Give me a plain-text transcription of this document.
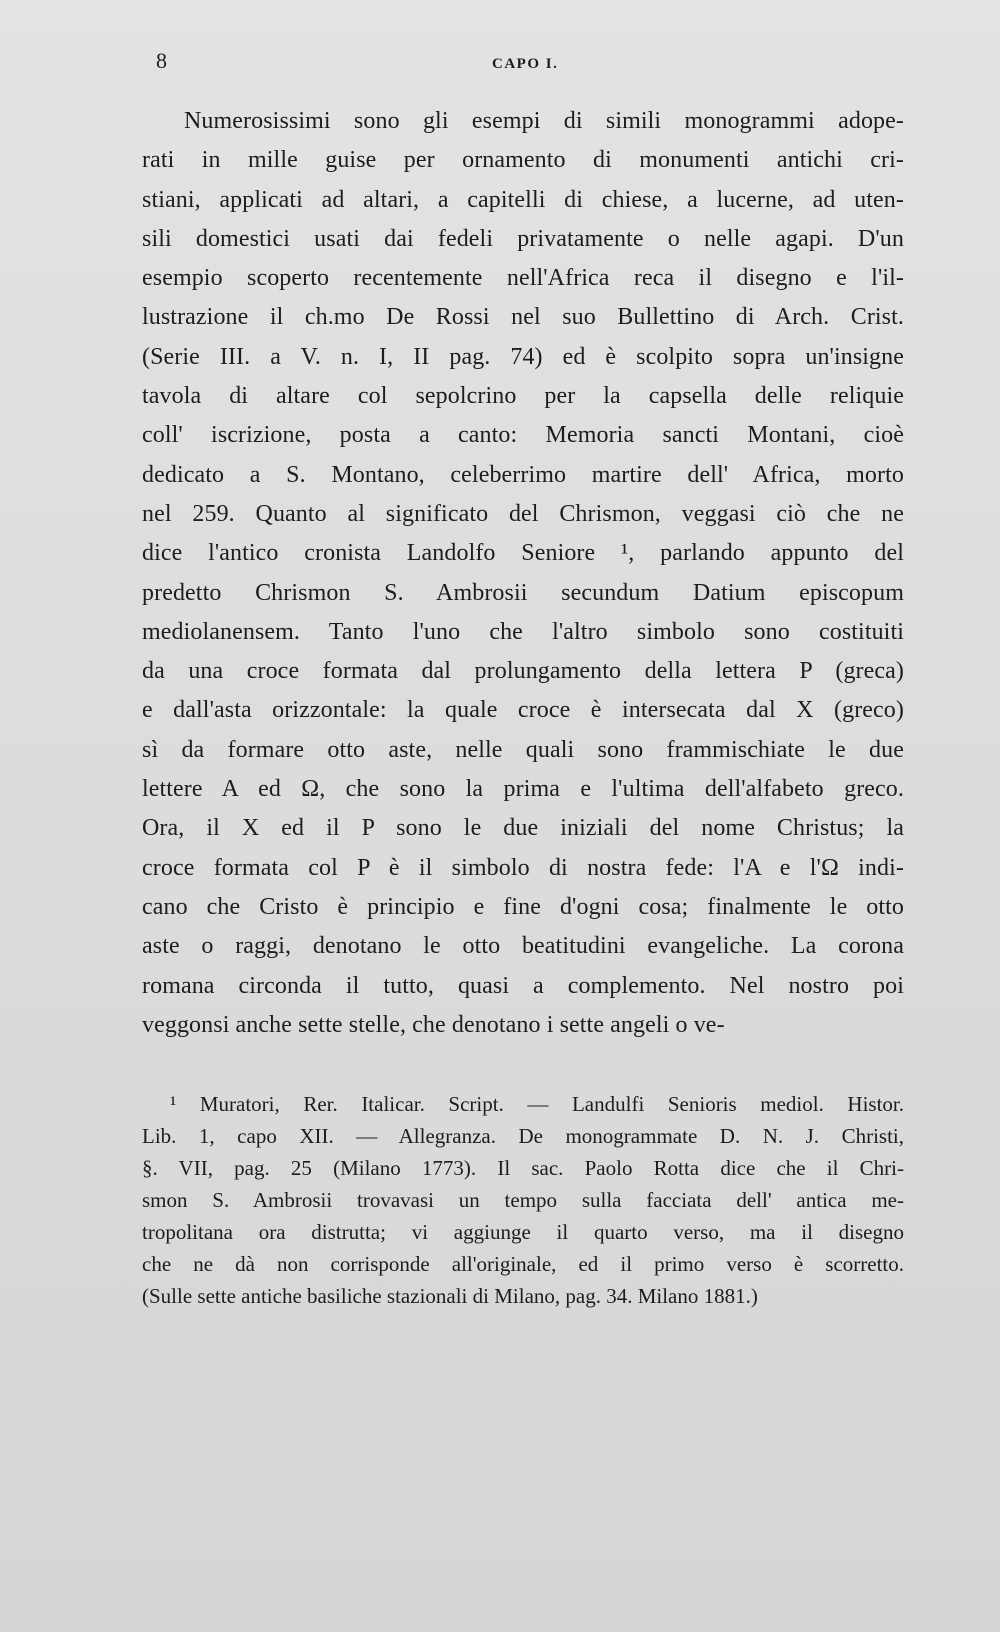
8	CAPO I.
Numerosissimi sono gli esempi di simili monogrammi adope-
rati in mille guise per ornamento di monumenti antichi cri-
stiani, applicati ad altari, a capitelli di chiese, a lucerne, ad uten-
sili domestici usati dai fedeli privatamente o nelle agapi. D'un
esempio scoperto recentemente nell'Africa reca il disegno e l'il-
lustrazione il ch.mo De Rossi nel suo Bullettino di Arch. Crist.
(Serie III. a V. n. I, II pag. 74) ed è scolpito sopra un'insigne
tavola di altare col sepolcrino per la capsella delle reliquie
coll' iscrizione, posta a canto: Memoria sancti Montani, cioè
dedicato a S. Montano, celeberrimo martire dell' Africa, morto
nel 259. Quanto al significato del Chrismon, veggasi ciò che ne
dice l'antico cronista Landolfo Seniore ¹, parlando appunto del
predetto Chrismon S. Ambrosii secundum Datium episcopum
mediolanensem. Tanto l'uno che l'altro simbolo sono costituiti
da una croce formata dal prolungamento della lettera P (greca)
e dall'asta orizzontale: la quale croce è intersecata dal X (greco)
sì da formare otto aste, nelle quali sono frammischiate le due
lettere A ed Ω, che sono la prima e l'ultima dell'alfabeto greco.
Ora, il X ed il P sono le due iniziali del nome Christus; la
croce formata col P è il simbolo di nostra fede: l'A e l'Ω indi-
cano che Cristo è principio e fine d'ogni cosa; finalmente le otto
aste o raggi, denotano le otto beatitudini evangeliche. La corona
romana circonda il tutto, quasi a complemento. Nel nostro poi
veggonsi anche sette stelle, che denotano i sette angeli o ve-
¹ Muratori, Rer. Italicar. Script. — Landulfi Senioris mediol. Histor.
Lib. 1, capo XII. — Allegranza. De monogrammate D. N. J. Christi,
§. VII, pag. 25 (Milano 1773). Il sac. Paolo Rotta dice che il Chri-
smon S. Ambrosii trovavasi un tempo sulla facciata dell' antica me-
tropolitana ora distrutta; vi aggiunge il quarto verso, ma il disegno
che ne dà non corrisponde all'originale, ed il primo verso è scorretto.
(Sulle sette antiche basiliche stazionali di Milano, pag. 34. Milano 1881.)
